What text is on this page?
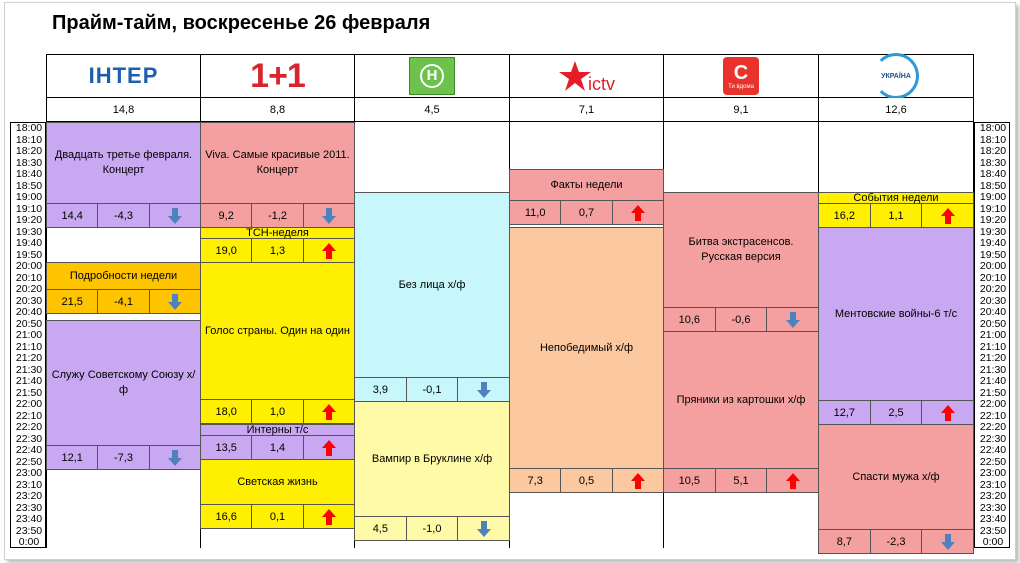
Прайм-тайм, воскресенье 26 февраля
ІНТЕР	1+1	Н	ictv	С
Ти вдома
УКРАЇНА
14,8	8,8	4,5	7,1	9,1	12,6
18:00
18:10
18:20
18:30
18:40
18:50
19:00
19:10
19:20
19:30
19:40
19:50
20:00
20:10
20:20
20:30
20:40
20:50
21:00
21:10
21:20
21:30
21:40
21:50
22:00
22:10
22:20
22:30
22:40
22:50
23:00
23:10
23:20
23:30
23:40
23:50
0:00
18:00
18:10
18:20
18:30
18:40
18:50
19:00
19:10
19:20
19:30
19:40
19:50
20:00
20:10
20:20
20:30
20:40
20:50
21:00
21:10
21:20
21:30
21:40
21:50
22:00
22:10
22:20
22:30
22:40
22:50
23:00
23:10
23:20
23:30
23:40
23:50
0:00
Двадцать третье февраля. Концерт
14,4	-4,3
Подробности недели
21,5	-4,1
Служу Советскому Союзу х/ф
12,1	-7,3
Viva. Самые красивые 2011. Концерт
9,2	-1,2
ТСН-неделя
19,0	1,3
Голос страны. Один на один
18,0	1,0
Интерны т/с
13,5	1,4
Светская жизнь
16,6	0,1
Без лица х/ф
3,9	-0,1
Вампир в Бруклине х/ф
4,5	-1,0
Факты недели
11,0	0,7
Непобедимый х/ф
7,3	0,5
Битва экстрасенсов. Русская версия
10,6	-0,6
Пряники из картошки х/ф
10,5	5,1
События недели
16,2	1,1
Ментовские войны-6 т/с
12,7	2,5
Спасти мужа х/ф
8,7	-2,3
